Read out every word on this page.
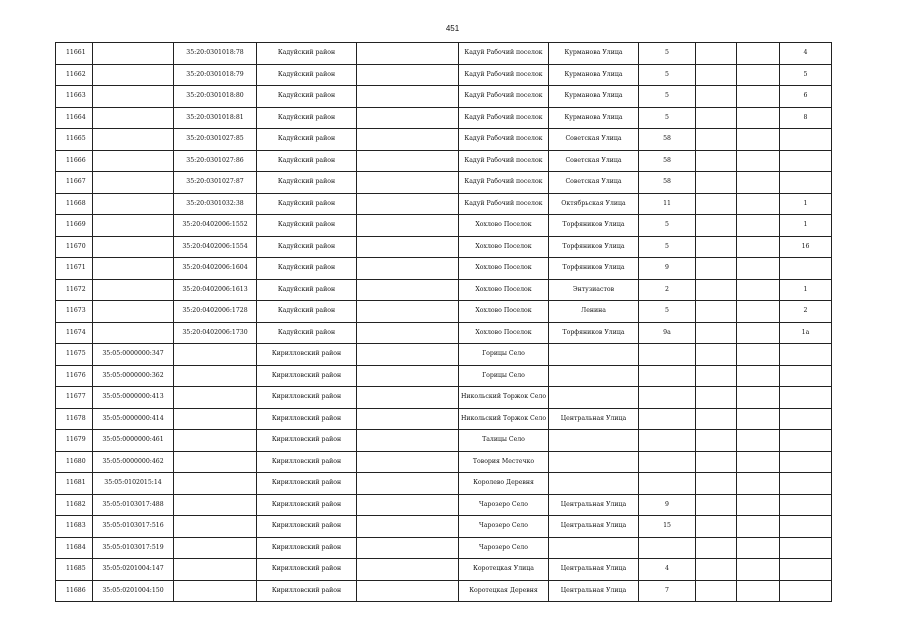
451
11661		35:20:0301018:78	Кадуйский район		Кадуй Рабочий поселок	Курманова Улица	5			4
11662		35:20:0301018:79	Кадуйский район		Кадуй Рабочий поселок	Курманова Улица	5			5
11663		35:20:0301018:80	Кадуйский район		Кадуй Рабочий поселок	Курманова Улица	5			6
11664		35:20:0301018:81	Кадуйский район		Кадуй Рабочий поселок	Курманова Улица	5			8
11665		35:20:0301027:85	Кадуйский район		Кадуй Рабочий поселок	Советская Улица	58			
11666		35:20:0301027:86	Кадуйский район		Кадуй Рабочий поселок	Советская Улица	58			
11667		35:20:0301027:87	Кадуйский район		Кадуй Рабочий поселок	Советская Улица	58			
11668		35:20:0301032:38	Кадуйский район		Кадуй Рабочий поселок	Октябрьская Улица	11			1
11669		35:20:0402006:1552	Кадуйский район		Хохлово Поселок	Торфяников Улица	5			1
11670		35:20:0402006:1554	Кадуйский район		Хохлово Поселок	Торфяников Улица	5			16
11671		35:20:0402006:1604	Кадуйский район		Хохлово Поселок	Торфяников Улица	9			
11672		35:20:0402006:1613	Кадуйский район		Хохлово Поселок	Энтузиастов	2			1
11673		35:20:0402006:1728	Кадуйский район		Хохлово Поселок	Ленина	5			2
11674		35:20:0402006:1730	Кадуйский район		Хохлово Поселок	Торфяников Улица	9а			1а
11675	35:05:0000000:347		Кирилловский район		Горицы Село					
11676	35:05:0000000:362		Кирилловский район		Горицы Село					
11677	35:05:0000000:413		Кирилловский район		Никольский Торжок Село					
11678	35:05:0000000:414		Кирилловский район		Никольский Торжок Село	Центральная Улица				
11679	35:05:0000000:461		Кирилловский район		Талицы Село					
11680	35:05:0000000:462		Кирилловский район		Товория Местечко					
11681	35:05:0102015:14		Кирилловский район		Королево Деревня					
11682	35:05:0103017:488		Кирилловский район		Чарозеро Село	Центральная Улица	9			
11683	35:05:0103017:516		Кирилловский район		Чарозеро Село	Центральная Улица	15			
11684	35:05:0103017:519		Кирилловский район		Чарозеро Село					
11685	35:05:0201004:147		Кирилловский район		Коротецкая Улица	Центральная Улица	4			
11686	35:05:0201004:150		Кирилловский район		Коротецкая Деревня	Центральная Улица	7			
